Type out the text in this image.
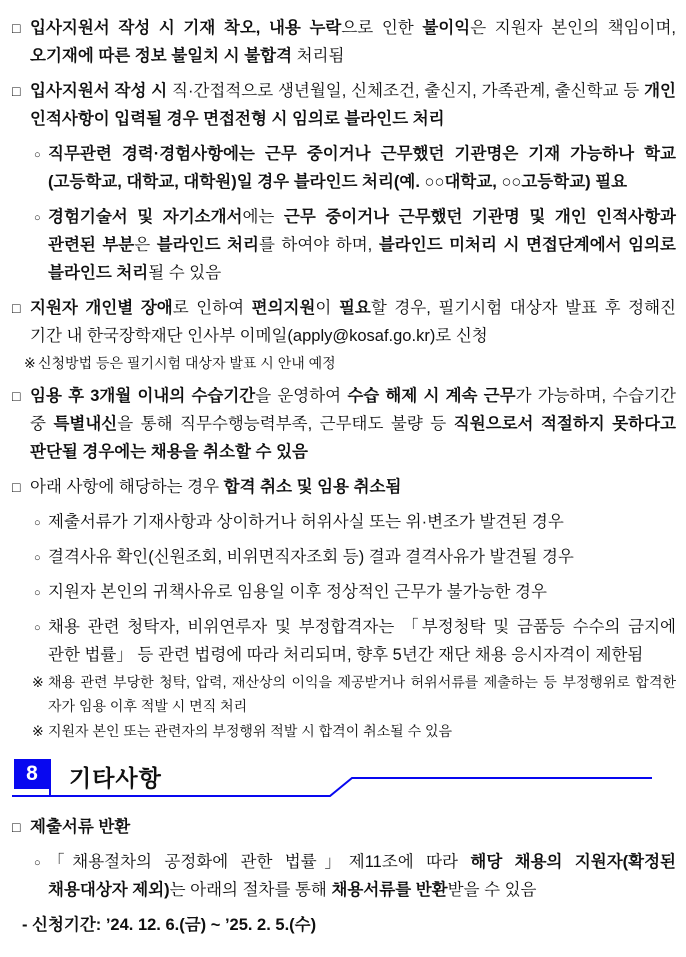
□ 입사지원서 작성 시 기재 착오, 내용 누락으로 인한 불이익은 지원자 본인의 책임이며, 오기재에 따른 정보 불일치 시 불합격 처리됨
□ 입사지원서 작성 시 직·간접적으로 생년월일, 신체조건, 출신지, 가족관계, 출신학교 등 개인 인적사항이 입력될 경우 면접전형 시 임의로 블라인드 처리
○ 직무관련 경력·경험사항에는 근무 중이거나 근무했던 기관명은 기재 가능하나 학교(고등학교, 대학교, 대학원)일 경우 블라인드 처리(예. ○○대학교, ○○고등학교) 필요
○ 경험기술서 및 자기소개서에는 근무 중이거나 근무했던 기관명 및 개인 인적사항과 관련된 부분은 블라인드 처리를 하여야 하며, 블라인드 미처리 시 면접단계에서 임의로 블라인드 처리될 수 있음
□ 지원자 개인별 장애로 인하여 편의지원이 필요할 경우, 필기시험 대상자 발표 후 정해진 기간 내 한국장학재단 인사부 이메일(apply@kosaf.go.kr)로 신청
※ 신청방법 등은 필기시험 대상자 발표 시 안내 예정
□ 임용 후 3개월 이내의 수습기간을 운영하여 수습 해제 시 계속 근무가 가능하며, 수습기간 중 특별내신을 통해 직무수행능력부족, 근무태도 불량 등 직원으로서 적절하지 못하다고 판단될 경우에는 채용을 취소할 수 있음
□ 아래 사항에 해당하는 경우 합격 취소 및 임용 취소됨
○ 제출서류가 기재사항과 상이하거나 허위사실 또는 위·변조가 발견된 경우
○ 결격사유 확인(신원조회, 비위면직자조회 등) 결과 결격사유가 발견될 경우
○ 지원자 본인의 귀책사유로 임용일 이후 정상적인 근무가 불가능한 경우
○ 채용 관련 청탁자, 비위연루자 및 부정합격자는 「부정청탁 및 금품등 수수의 금지에 관한 법률」 등 관련 법령에 따라 처리되며, 향후 5년간 재단 채용 응시자격이 제한됨
※ 채용 관련 부당한 청탁, 압력, 재산상의 이익을 제공받거나 허위서류를 제출하는 등 부정행위로 합격한 자가 임용 이후 적발 시 면직 처리
※ 지원자 본인 또는 관련자의 부정행위 적발 시 합격이 취소될 수 있음
8	기타사항
□ 제출서류 반환
○ 「채용절차의 공정화에 관한 법률」제11조에 따라 해당 채용의 지원자(확정된 채용대상자 제외)는 아래의 절차를 통해 채용서류를 반환받을 수 있음
- 신청기간: ’24. 12. 6.(금) ~ ’25. 2. 5.(수)
